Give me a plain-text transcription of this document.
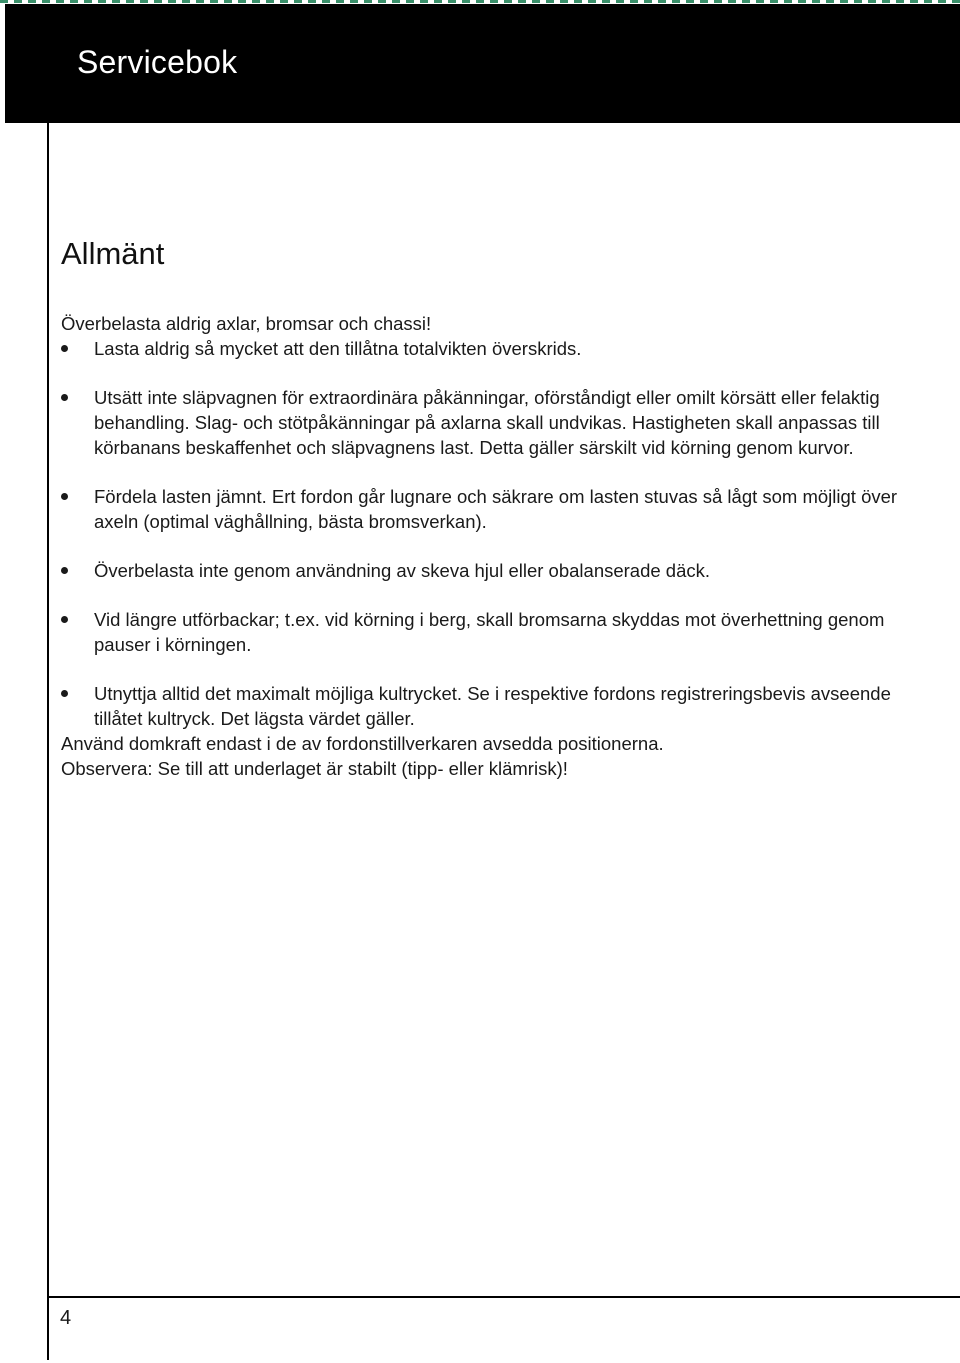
Servicebok
Allmänt

Överbelasta aldrig axlar, bromsar och chassi!

Lasta aldrig så mycket att den tillåtna totalvikten överskrids.
Utsätt inte släpvagnen för extraordinära påkänningar, oförståndigt eller omilt körsätt eller felaktig behandling. Slag- och stötpåkänningar på axlarna skall undvikas. Hastigheten skall anpassas till körbanans beskaffenhet och släpvagnens last. Detta gäller särskilt vid körning genom kurvor.
Fördela lasten jämnt. Ert fordon går lugnare och säkrare om lasten stuvas så lågt som möjligt över axeln (optimal väghållning, bästa bromsverkan).
Överbelasta inte genom användning av skeva hjul eller obalanserade däck.
Vid längre utförbackar; t.ex. vid körning i berg, skall bromsarna skyddas mot överhettning genom pauser i körningen.
Utnyttja alltid det maximalt möjliga kultrycket. Se i respektive fordons registreringsbevis avseende tillåtet kultryck. Det lägsta värdet gäller.

Använd domkraft endast i de av fordonstillverkaren avsedda positionerna.

Observera: Se till att underlaget är stabilt (tipp- eller klämrisk)!

4
